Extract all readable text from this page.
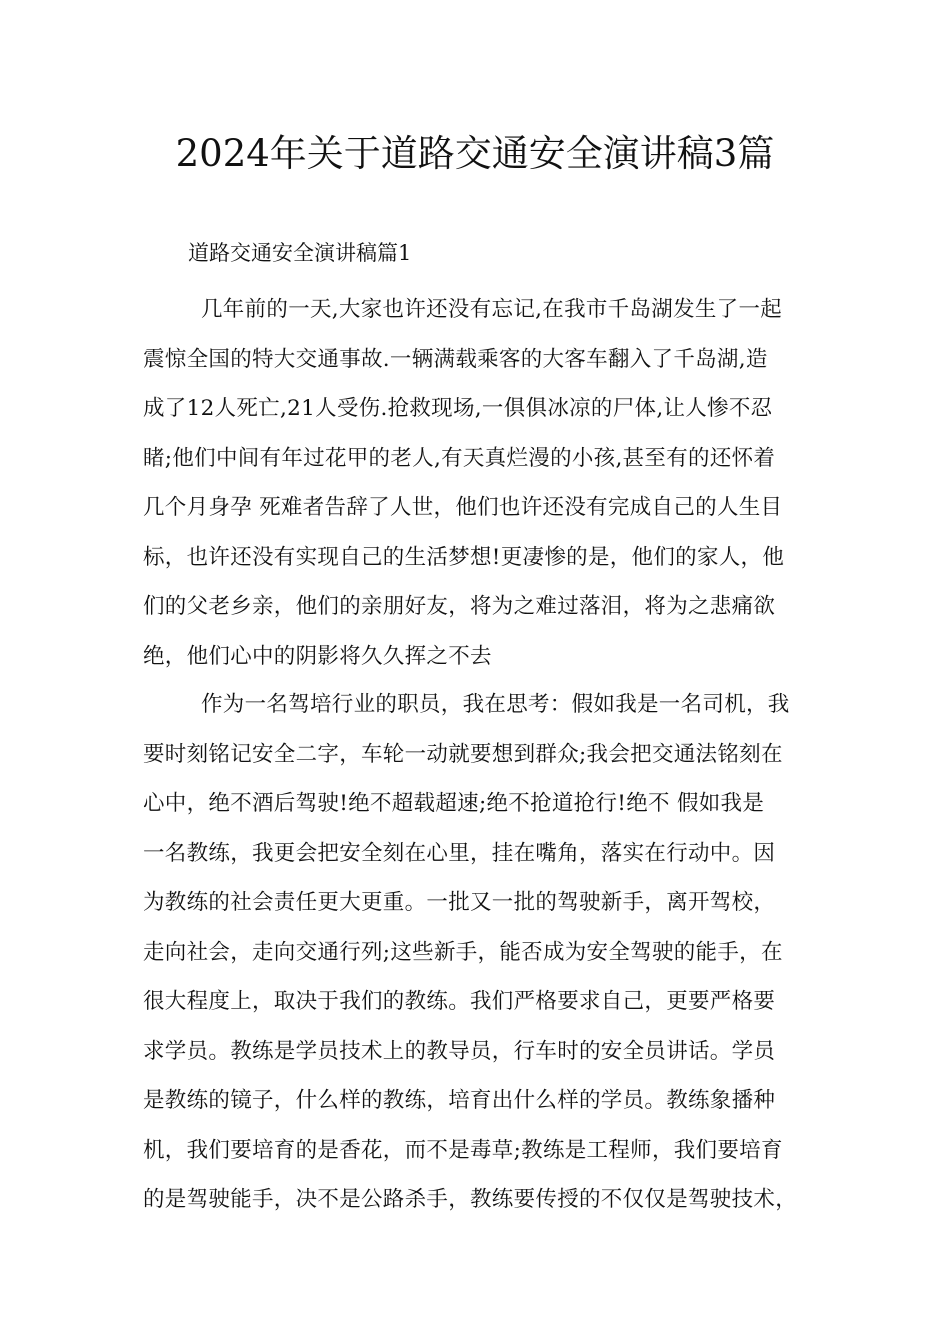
2024年关于道路交通安全演讲稿3篇

道路交通安全演讲稿篇1

几年前的一天,大家也许还没有忘记,在我市千岛湖发生了一起
震惊全国的特大交通事故.一辆满载乘客的大客车翻入了千岛湖,造
成了12人死亡,21人受伤.抢救现场,一俱俱冰凉的尸体,让人惨不忍
睹;他们中间有年过花甲的老人,有天真烂漫的小孩,甚至有的还怀着
几个月身孕 死难者告辞了人世，他们也许还没有完成自己的人生目
标，也许还没有实现自己的生活梦想!更凄惨的是，他们的家人，他
们的父老乡亲，他们的亲朋好友，将为之难过落泪，将为之悲痛欲
绝，他们心中的阴影将久久挥之不去
作为一名驾培行业的职员，我在思考：假如我是一名司机，我
要时刻铭记安全二字，车轮一动就要想到群众;我会把交通法铭刻在
心中，绝不酒后驾驶!绝不超载超速;绝不抢道抢行!绝不 假如我是
一名教练，我更会把安全刻在心里，挂在嘴角，落实在行动中。因
为教练的社会责任更大更重。一批又一批的驾驶新手，离开驾校，
走向社会，走向交通行列;这些新手，能否成为安全驾驶的能手，在
很大程度上，取决于我们的教练。我们严格要求自己，更要严格要
求学员。教练是学员技术上的教导员，行车时的安全员讲话。学员
是教练的镜子，什么样的教练，培育出什么样的学员。教练象播种
机，我们要培育的是香花，而不是毒草;教练是工程师，我们要培育
的是驾驶能手，决不是公路杀手，教练要传授的不仅仅是驾驶技术，
